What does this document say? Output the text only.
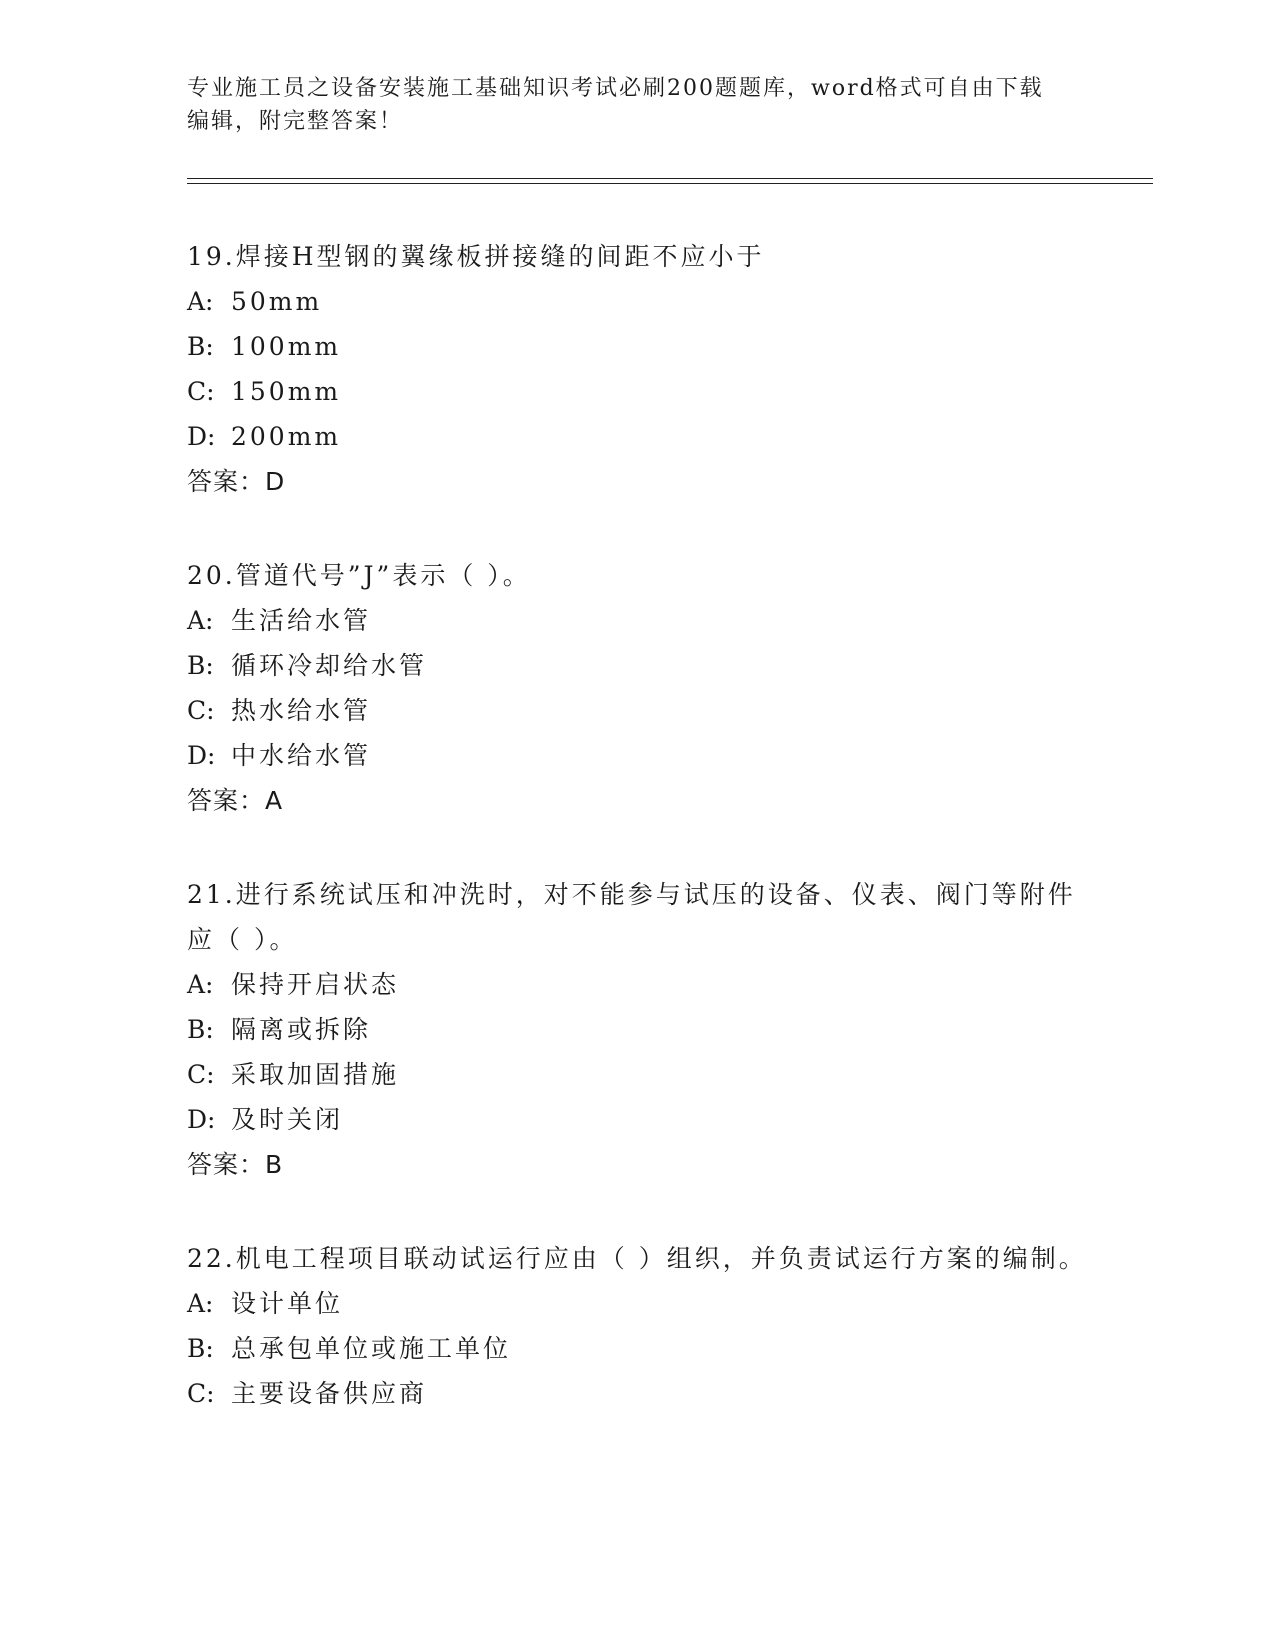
专业施工员之设备安装施工基础知识考试必刷200题题库，word格式可自由下载编辑，附完整答案！
19.焊接H型钢的翼缘板拼接缝的间距不应小于
A: 50mm
B: 100mm
C: 150mm
D: 200mm
答案：D
20.管道代号”J”表示（ ）。
A: 生活给水管
B: 循环冷却给水管
C: 热水给水管
D: 中水给水管
答案：A
21.进行系统试压和冲洗时，对不能参与试压的设备、仪表、阀门等附件应（ ）。
A: 保持开启状态
B: 隔离或拆除
C: 采取加固措施
D: 及时关闭
答案：B
22.机电工程项目联动试运行应由（ ）组织，并负责试运行方案的编制。
A: 设计单位
B: 总承包单位或施工单位
C: 主要设备供应商
